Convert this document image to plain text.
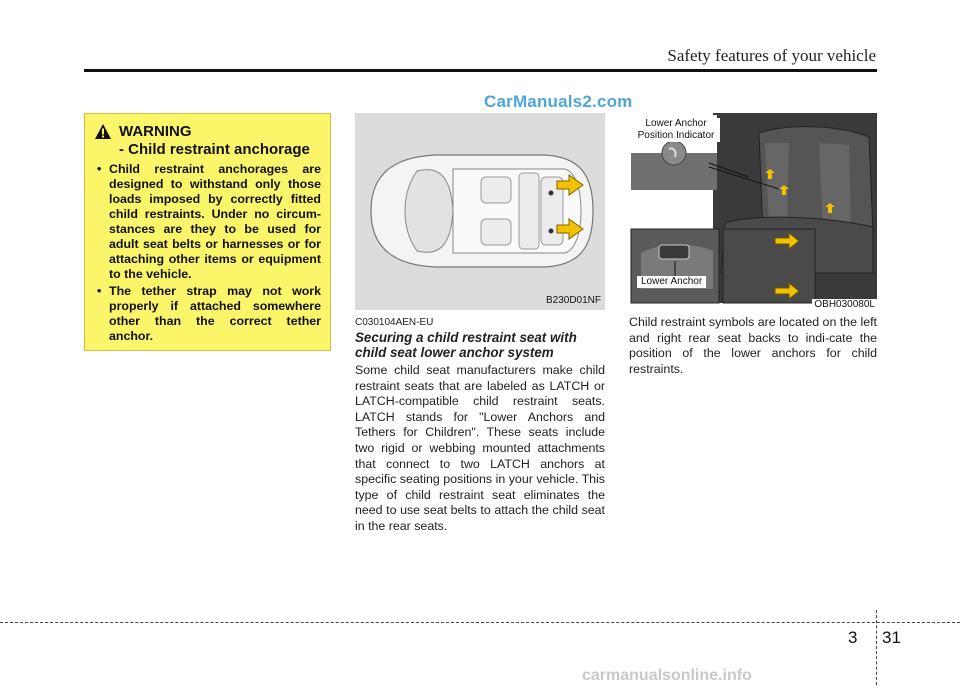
Safety features of your vehicle
CarManuals2.com
WARNING
- Child restraint anchorage
• Child restraint anchorages are designed to withstand only those loads imposed by correctly fitted child restraints. Under no circum-stances are they to be used for adult seat belts or harnesses or for attaching other items or equipment to the vehicle.
• The tether strap may not work properly if attached somewhere other than the correct tether anchor.
B230D01NF
Lower Anchor
Position Indicator
Lower Anchor
OBH030080L
C030104AEN-EU
Securing a child restraint seat with child seat lower anchor system
Some child seat manufacturers make child restraint seats that are labeled as LATCH or LATCH-compatible child restraint seats. LATCH stands for "Lower Anchors and Tethers for Children". These seats include two rigid or webbing mounted attachments that connect to two LATCH anchors at specific seating positions in your vehicle. This type of child restraint seat eliminates the need to use seat belts to attach the child seat in the rear seats.
Child restraint symbols are located on the left and right rear seat backs to indi-cate the position of the lower anchors for child restraints.
3 31
carmanualsonline.info
